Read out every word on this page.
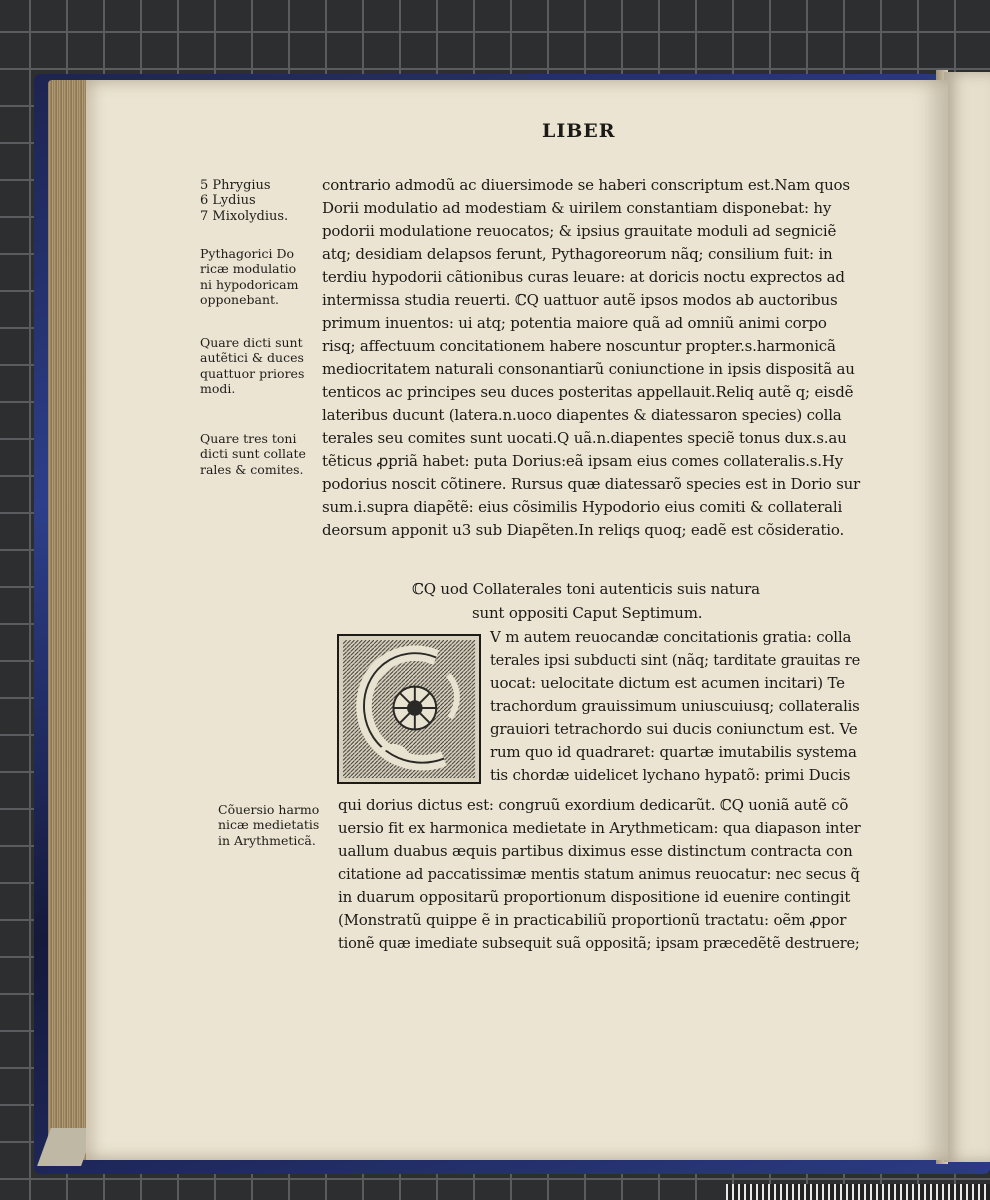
LIBER

5 Phrygius
6 Lydius
7 Mixolydius.

Pythagorici Do
ricæ modulatio
ni hypodoricam
opponebant.

Quare dicti sunt
autẽtici & duces
quattuor priores
modi.

Quare tres toni
dicti sunt collate
rales & comites.

Cõuersio harmo
nicæ medietatis
in Arythmeticã.

contrario admodũ ac diuersimode se haberi conscriptum est.Nam quos

Dorii modulatio ad modestiam & uirilem constantiam disponebat: hy

podorii modulatione reuocatos; & ipsius grauitate moduli ad segniciẽ

atq; desidiam delapsos ferunt, Pythagoreorum nãq; consilium fuit: in

terdiu hypodorii cãtionibus curas leuare: at doricis noctu exprectos ad

intermissa studia reuerti. ℂQ uattuor autẽ ipsos modos ab auctoribus

primum inuentos: ui atq; potentia maiore quã ad omniũ animi corpo

risq; affectuum concitationem habere noscuntur propter.s.harmonicã

mediocritatem naturali consonantiarũ coniunctione in ipsis dispositã au

tenticos ac principes seu duces posteritas appellauit.Reliq autẽ q; eisdẽ

lateribus ducunt (latera.n.uoco diapentes & diatessaron species) colla

terales seu comites sunt uocati.Q uã.n.diapentes speciẽ tonus dux.s.au

tẽticus ꝓpriã habet: puta Dorius:eã ipsam eius comes collateralis.s.Hy

podorius noscit cõtinere. Rursus quæ diatessarõ species est in Dorio sur

sum.i.supra diapẽtẽ: eius cõsimilis Hypodorio eius comiti & collaterali

deorsum apponit u3 sub Diapẽten.In reliqs quoq; eadẽ est cõsideratio.

ℂQ uod Collaterales toni autenticis suis natura

sunt oppositi Caput Septimum.

V m autem reuocandæ concitationis gratia: colla

terales ipsi subducti sint (nãq; tarditate grauitas re

uocat: uelocitate dictum est acumen incitari) Te

trachordum grauissimum uniuscuiusq; collateralis

grauiori tetrachordo sui ducis coniunctum est. Ve

rum quo id quadraret: quartæ imutabilis systema

tis chordæ uidelicet lychano hypatõ: primi Ducis

qui dorius dictus est: congruũ exordium dedicarũt. ℂQ uoniã autẽ cõ

uersio fit ex harmonica medietate in Arythmeticam: qua diapason inter

uallum duabus æquis partibus diximus esse distinctum contracta con

citatione ad paccatissimæ mentis statum animus reuocatur: nec secus q̃

in duarum oppositarũ proportionum dispositione id euenire contingit

(Monstratũ quippe ẽ in practicabiliũ proportionũ tractatu: oẽm ꝓpor

tionẽ quæ imediate subsequit suã oppositã; ipsam præcedẽtẽ destruere;
